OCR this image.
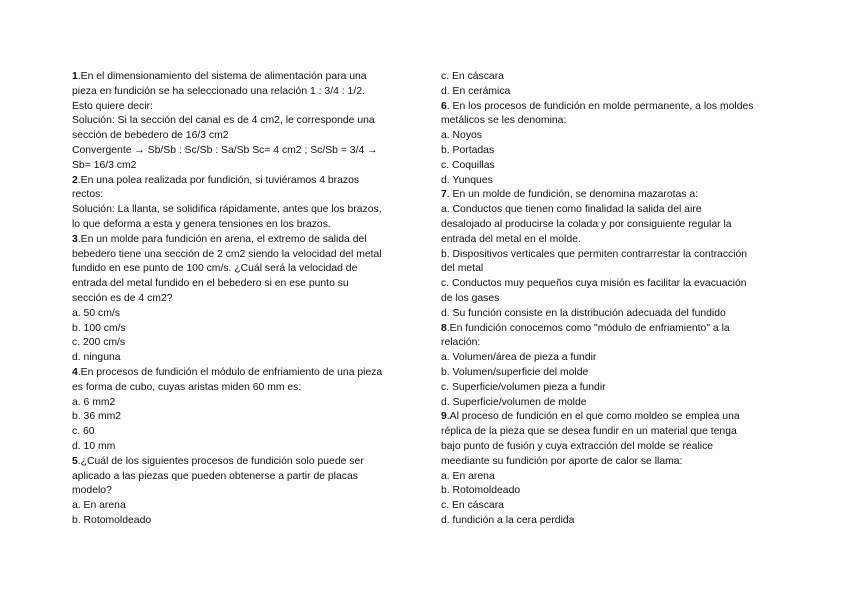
1.En el dimensionamiento del sistema de alimentación para una
pieza en fundición se ha seleccionado una relación 1 : 3/4 : 1/2.
Esto quiere decir:
Solución: Si la sección del canal es de 4 cm2, le corresponde una
sección de bebedero de 16/3 cm2
Convergente → Sb/Sb : Sc/Sb : Sa/Sb Sc= 4 cm2 ; Sc/Sb = 3/4 →
Sb= 16/3 cm2
2.En una polea realizada por fundición, si tuviéramos 4 brazos
rectos:
Solución: La llanta, se solidifica rápidamente, antes que los brazos,
lo que deforma a esta y genera tensiones en los brazos.
3.En un molde para fundición en arena, el extremo de salida del
bebedero tiene una sección de 2 cm2 siendo la velocidad del metal
fundido en ese punto de 100 cm/s. ¿Cuál será la velocidad de
entrada del metal fundido en el bebedero si en ese punto su
sección es de 4 cm2?
a. 50 cm/s
b. 100 cm/s
c. 200 cm/s
d. ninguna
4.En procesos de fundición el módulo de enfriamiento de una pieza
es forma de cubo, cuyas aristas miden 60 mm es:
a. 6 mm2
b. 36 mm2
c. 60
d. 10 mm
5.¿Cuál de los siguientes procesos de fundición solo puede ser
aplicado a las piezas que pueden obtenerse a partir de placas
modelo?
a. En arena
b. Rotomoldeado
c. En cáscara
d. En cerámica
6. En los procesos de fundición en molde permanente, a los moldes
metálicos se les denomina:
a. Noyos
b. Portadas
c. Coquillas
d. Yunques
7. En un molde de fundición, se denomina mazarotas a:
a. Conductos que tienen como finalidad la salida del aire
desalojado al producirse la colada y por consiguiente regular la
entrada del metal en el molde.
b. Dispositivos verticales que permiten contrarrestar la contracción
del metal
c. Conductos muy pequeños cuya misión es facilitar la evacuación
de los gases
d. Su función consiste en la distribución adecuada del fundido
8.En fundición conocemos como "módulo de enfriamiento" a la
relación:
a. Volumen/área de pieza a fundir
b. Volumen/superficie del molde
c. Superficie/volumen pieza a fundir
d. Superficie/volumen de molde
9.Al proceso de fundición en el que como moldeo se emplea una
réplica de la pieza que se desea fundir en un material que tenga
bajo punto de fusión y cuya extracción del molde se realice
meediante su fundición por aporte de calor se llama:
a. En arena
b. Rotomoldeado
c. En cáscara
d. fundición a la cera perdida
